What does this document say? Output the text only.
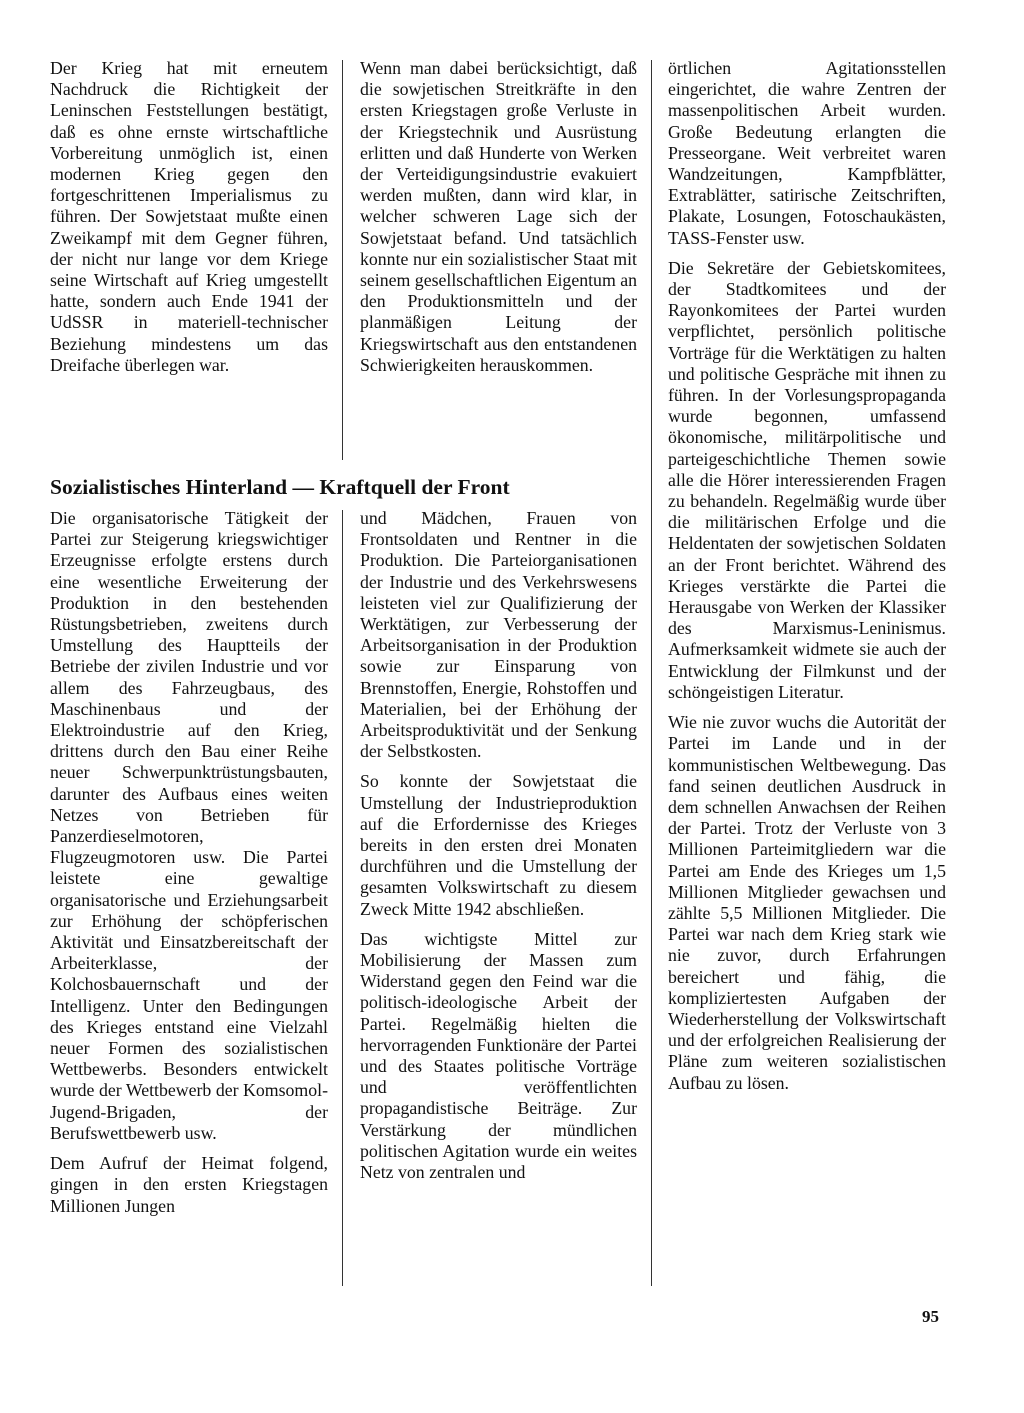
Der Krieg hat mit erneutem Nachdruck die Richtigkeit der Leninschen Feststellungen bestätigt, daß es ohne ernste wirtschaftliche Vorbereitung unmöglich ist, einen modernen Krieg gegen den fortgeschrittenen Imperialismus zu führen. Der Sowjetstaat mußte einen Zweikampf mit dem Gegner führen, der nicht nur lange vor dem Kriege seine Wirtschaft auf Krieg umgestellt hatte, sondern auch Ende 1941 der UdSSR in materiell-technischer Beziehung mindestens um das Dreifache überlegen war.

Wenn man dabei berücksichtigt, daß die sowjetischen Streitkräfte in den ersten Kriegstagen große Verluste in der Kriegstechnik und Ausrüstung erlitten und daß Hunderte von Werken der Verteidigungsindustrie evakuiert werden mußten, dann wird klar, in welcher schweren Lage sich der Sowjetstaat befand. Und tatsächlich konnte nur ein sozialistischer Staat mit seinem gesellschaftlichen Eigentum an den Produktionsmitteln und der planmäßigen Leitung der Kriegswirtschaft aus den entstandenen Schwierigkeiten herauskommen.

Sozialistisches Hinterland — Kraftquell der Front

Die organisatorische Tätigkeit der Partei zur Steigerung kriegswichtiger Erzeugnisse erfolgte erstens durch eine wesentliche Erweiterung der Produktion in den bestehenden Rüstungsbetrieben, zweitens durch Umstellung des Hauptteils der Betriebe der zivilen Industrie und vor allem des Fahrzeugbaus, des Maschinenbaus und der Elektroindustrie auf den Krieg, drittens durch den Bau einer Reihe neuer Schwerpunktrüstungsbauten, darunter des Aufbaus eines weiten Netzes von Betrieben für Panzerdieselmotoren, Flugzeugmotoren usw. Die Partei leistete eine gewaltige organisatorische und Erziehungsarbeit zur Erhöhung der schöpferischen Aktivität und Einsatzbereitschaft der Arbeiterklasse, der Kolchosbauernschaft und der Intelligenz. Unter den Bedingungen des Krieges entstand eine Vielzahl neuer Formen des sozialistischen Wettbewerbs. Besonders entwickelt wurde der Wettbewerb der Komsomol-Jugend-Brigaden, der Berufswettbewerb usw.

Dem Aufruf der Heimat folgend, gingen in den ersten Kriegstagen Millionen Jungen

und Mädchen, Frauen von Frontsoldaten und Rentner in die Produktion. Die Parteiorganisationen der Industrie und des Verkehrswesens leisteten viel zur Qualifizierung der Werktätigen, zur Verbesserung der Arbeitsorganisation in der Produktion sowie zur Einsparung von Brennstoffen, Energie, Rohstoffen und Materialien, bei der Erhöhung der Arbeitsproduktivität und der Senkung der Selbstkosten.

So konnte der Sowjetstaat die Umstellung der Industrieproduktion auf die Erfordernisse des Krieges bereits in den ersten drei Monaten durchführen und die Umstellung der gesamten Volkswirtschaft zu diesem Zweck Mitte 1942 abschließen.

Das wichtigste Mittel zur Mobilisierung der Massen zum Widerstand gegen den Feind war die politisch-ideologische Arbeit der Partei. Regelmäßig hielten die hervorragenden Funktionäre der Partei und des Staates politische Vorträge und veröffentlichten propagandistische Beiträge. Zur Verstärkung der mündlichen politischen Agitation wurde ein weites Netz von zentralen und

örtlichen Agitationsstellen eingerichtet, die wahre Zentren der massenpolitischen Arbeit wurden. Große Bedeutung erlangten die Presseorgane. Weit verbreitet waren Wandzeitungen, Kampfblätter, Extrablätter, satirische Zeitschriften, Plakate, Losungen, Fotoschaukästen, TASS-Fenster usw.

Die Sekretäre der Gebietskomitees, der Stadtkomitees und der Rayonkomitees der Partei wurden verpflichtet, persönlich politische Vorträge für die Werktätigen zu halten und politische Gespräche mit ihnen zu führen. In der Vorlesungspropaganda wurde begonnen, umfassend ökonomische, militärpolitische und parteigeschichtliche Themen sowie alle die Hörer interessierenden Fragen zu behandeln. Regelmäßig wurde über die militärischen Erfolge und die Heldentaten der sowjetischen Soldaten an der Front berichtet. Während des Krieges verstärkte die Partei die Herausgabe von Werken der Klassiker des Marxismus-Leninismus. Aufmerksamkeit widmete sie auch der Entwicklung der Filmkunst und der schöngeistigen Literatur.

Wie nie zuvor wuchs die Autorität der Partei im Lande und in der kommunistischen Weltbewegung. Das fand seinen deutlichen Ausdruck in dem schnellen Anwachsen der Reihen der Partei. Trotz der Verluste von 3 Millionen Parteimitgliedern war die Partei am Ende des Krieges um 1,5 Millionen Mitglieder gewachsen und zählte 5,5 Millionen Mitglieder. Die Partei war nach dem Krieg stark wie nie zuvor, durch Erfahrungen bereichert und fähig, die kompliziertesten Aufgaben der Wiederherstellung der Volkswirtschaft und der erfolgreichen Realisierung der Pläne zum weiteren sozialistischen Aufbau zu lösen.

95
